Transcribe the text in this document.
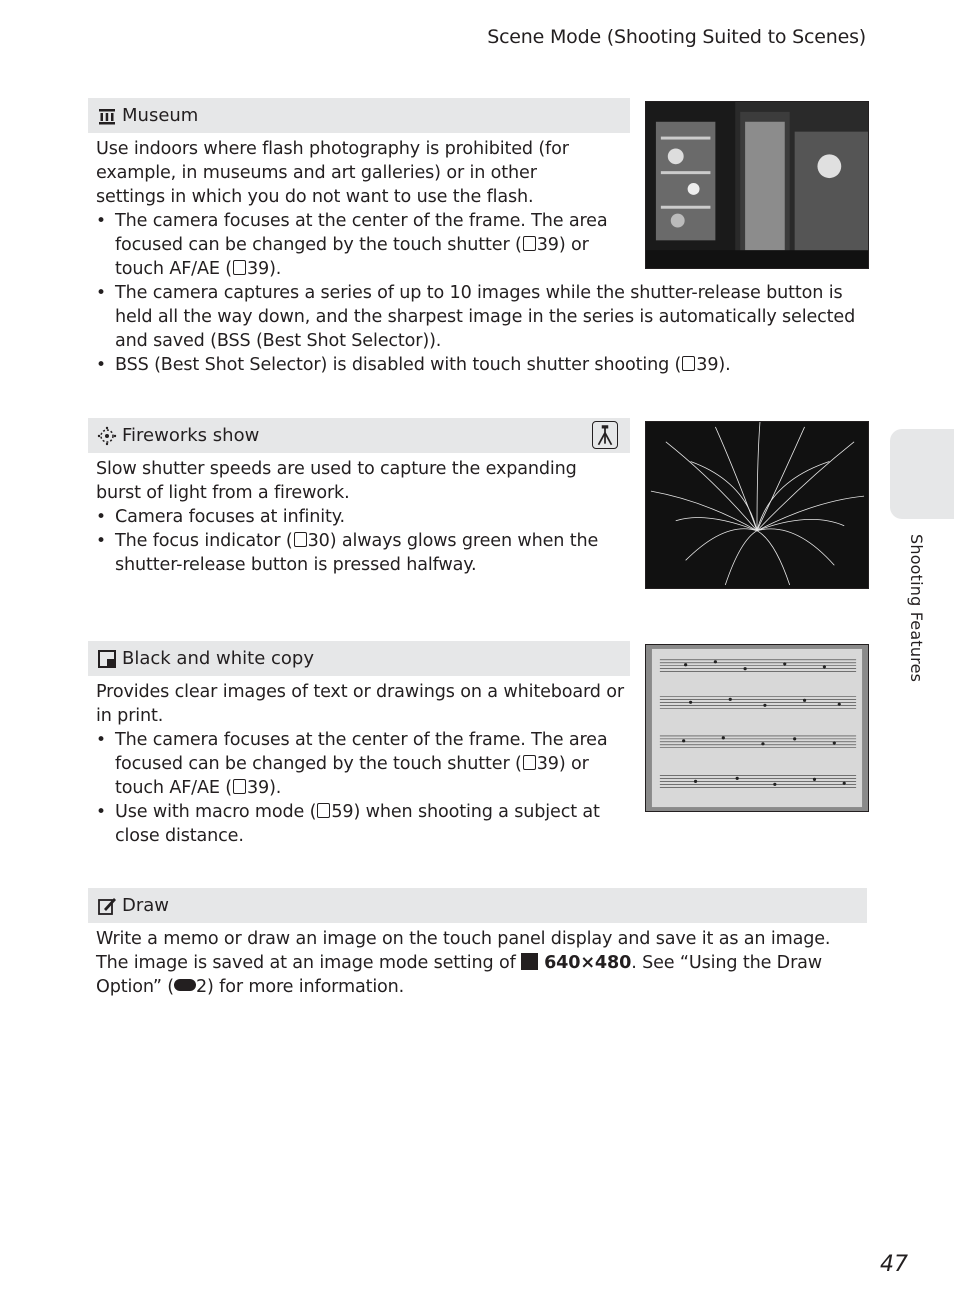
Scene Mode (Shooting Suited to Scenes)
Museum

Use indoors where flash photography is prohibited (for example, in museums and art galleries) or in other settings in which you do not want to use the flash.

• The camera focuses at the center of the frame. The area focused can be changed by the touch shutter ( 39) or touch AF/AE ( 39).
• The camera captures a series of up to 10 images while the shutter-release button is held all the way down, and the sharpest image in the series is automatically selected and saved (BSS (Best Shot Selector)).
• BSS (Best Shot Selector) is disabled with touch shutter shooting ( 39).
Fireworks show

Slow shutter speeds are used to capture the expanding burst of light from a firework.

• Camera focuses at infinity.
• The focus indicator ( 30) always glows green when the shutter-release button is pressed halfway.
Black and white copy

Provides clear images of text or drawings on a whiteboard or in print.

• The camera focuses at the center of the frame. The area focused can be changed by the touch shutter ( 39) or touch AF/AE ( 39).
• Use with macro mode ( 59) when shooting a subject at close distance.
Draw

Write a memo or draw an image on the touch panel display and save it as an image. The image is saved at an image mode setting of 640×480. See “Using the Draw Option” ( 2) for more information.

Shooting Features
47
